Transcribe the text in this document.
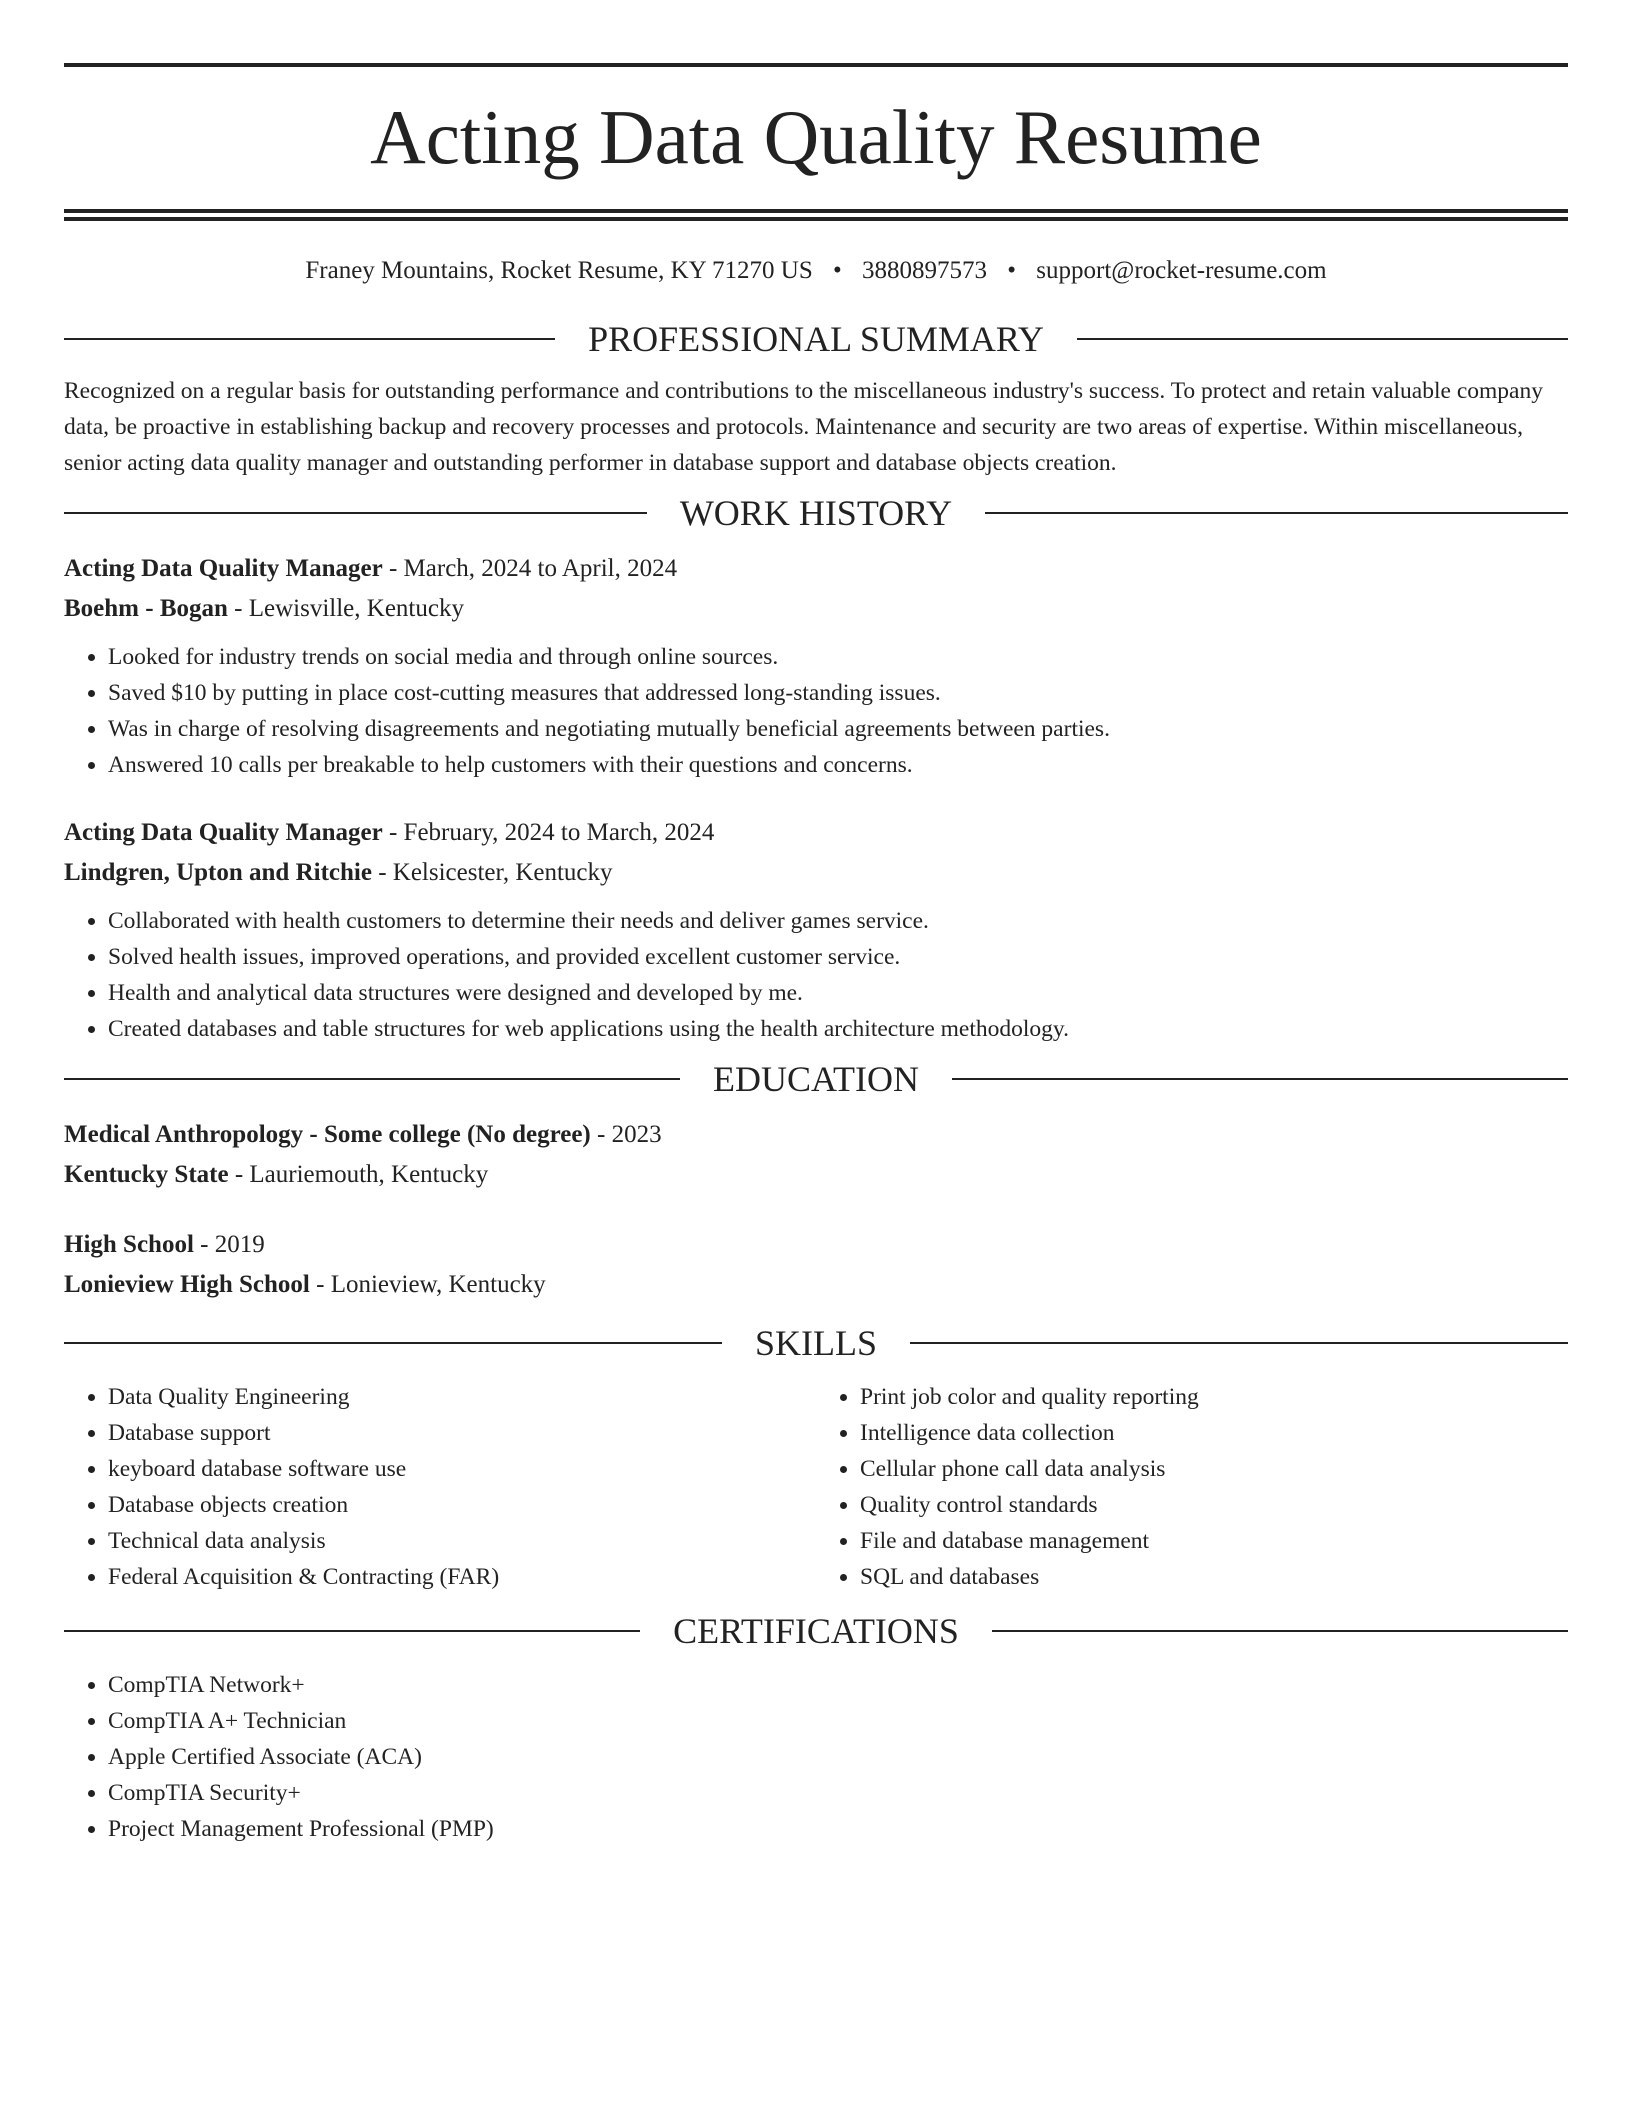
Acting Data Quality Resume
Franey Mountains, Rocket Resume, KY 71270 US • 3880897573 • support@rocket-resume.com
PROFESSIONAL SUMMARY

Recognized on a regular basis for outstanding performance and contributions to the miscellaneous industry's success. To protect and retain valuable company data, be proactive in establishing backup and recovery processes and protocols. Maintenance and security are two areas of expertise. Within miscellaneous, senior acting data quality manager and outstanding performer in database support and database objects creation.

WORK HISTORY
Acting Data Quality Manager - March, 2024 to April, 2024
Boehm - Bogan - Lewisville, Kentucky
• Looked for industry trends on social media and through online sources.
• Saved $10 by putting in place cost-cutting measures that addressed long-standing issues.
• Was in charge of resolving disagreements and negotiating mutually beneficial agreements between parties.
• Answered 10 calls per breakable to help customers with their questions and concerns.
Acting Data Quality Manager - February, 2024 to March, 2024
Lindgren, Upton and Ritchie - Kelsicester, Kentucky
• Collaborated with health customers to determine their needs and deliver games service.
• Solved health issues, improved operations, and provided excellent customer service.
• Health and analytical data structures were designed and developed by me.
• Created databases and table structures for web applications using the health architecture methodology.
EDUCATION
Medical Anthropology - Some college (No degree) - 2023
Kentucky State - Lauriemouth, Kentucky
High School - 2019
Lonieview High School - Lonieview, Kentucky
SKILLS
• Data Quality Engineering
• Database support
• keyboard database software use
• Database objects creation
• Technical data analysis
• Federal Acquisition & Contracting (FAR)
• Print job color and quality reporting
• Intelligence data collection
• Cellular phone call data analysis
• Quality control standards
• File and database management
• SQL and databases
CERTIFICATIONS
• CompTIA Network+
• CompTIA A+ Technician
• Apple Certified Associate (ACA)
• CompTIA Security+
• Project Management Professional (PMP)
